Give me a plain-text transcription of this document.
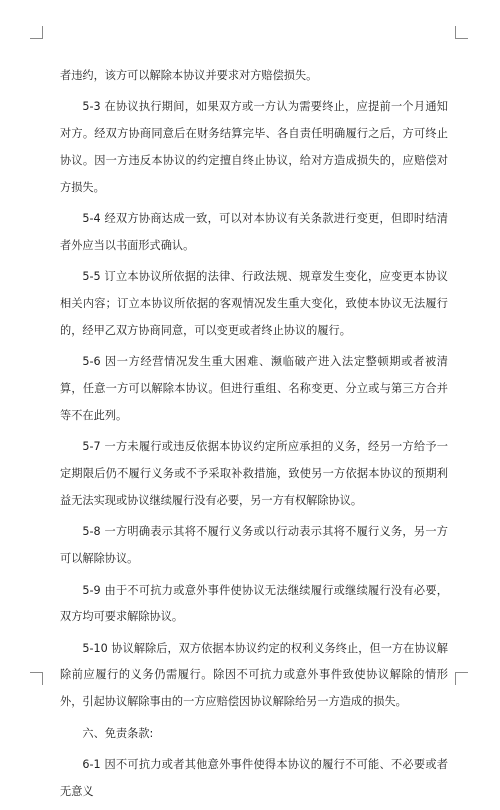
者违约，该方可以解除本协议并要求对方赔偿损失。

5-3 在协议执行期间，如果双方或一方认为需要终止，应提前一个月通知对方。经双方协商同意后在财务结算完毕、各自责任明确履行之后，方可终止协议。因一方违反本协议的约定擅自终止协议，给对方造成损失的，应赔偿对方损失。

5-4 经双方协商达成一致，可以对本协议有关条款进行变更，但即时结清者外应当以书面形式确认。

5-5 订立本协议所依据的法律、行政法规、规章发生变化，应变更本协议相关内容；订立本协议所依据的客观情况发生重大变化，致使本协议无法履行的，经甲乙双方协商同意，可以变更或者终止协议的履行。

5-6 因一方经营情况发生重大困难、濒临破产进入法定整顿期或者被清算，任意一方可以解除本协议。但进行重组、名称变更、分立或与第三方合并等不在此列。

5-7 一方未履行或违反依据本协议约定所应承担的义务，经另一方给予一定期限后仍不履行义务或不予采取补救措施，致使另一方依据本协议的预期利益无法实现或协议继续履行没有必要，另一方有权解除协议。

5-8 一方明确表示其将不履行义务或以行动表示其将不履行义务，另一方可以解除协议。

5-9 由于不可抗力或意外事件使协议无法继续履行或继续履行没有必要，双方均可要求解除协议。

5-10 协议解除后，双方依据本协议约定的权利义务终止，但一方在协议解除前应履行的义务仍需履行。除因不可抗力或意外事件致使协议解除的情形外，引起协议解除事由的一方应赔偿因协议解除给另一方造成的损失。

六、免责条款:

6-1 因不可抗力或者其他意外事件使得本协议的履行不可能、不必要或者无意义
